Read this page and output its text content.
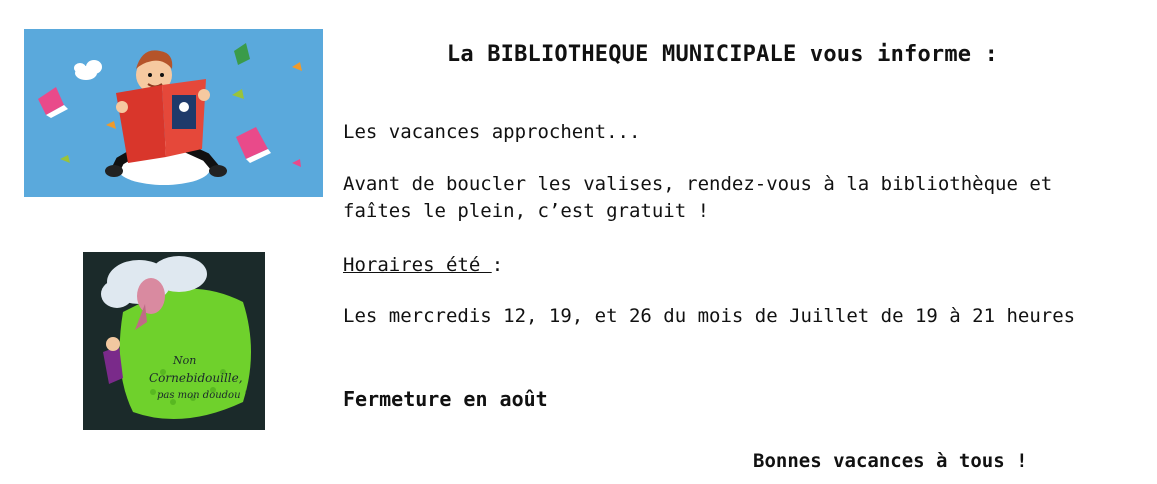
Non
Cornebidouille,
pas mon doudou !
La BIBLIOTHEQUE MUNICIPALE vous informe :
Les vacances approchent...
Avant de boucler les valises, rendez-vous à la bibliothèque et
faîtes le plein, c’est gratuit !
Horaires été :
Les mercredis 12, 19, et 26 du mois de Juillet de 19 à 21 heures
Fermeture en août
Bonnes vacances à tous !
